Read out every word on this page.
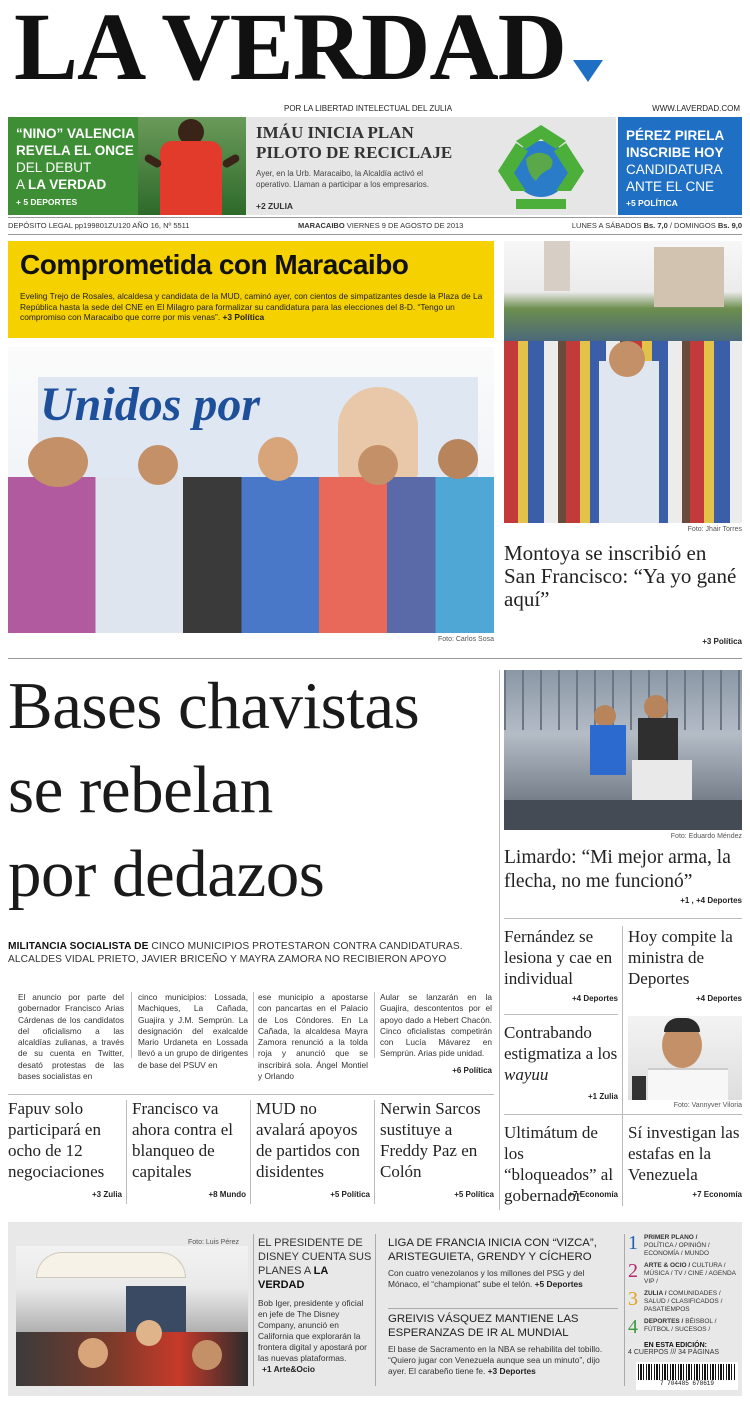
LA VERDAD
POR LA LIBERTAD INTELECTUAL DEL ZULIA	WWW.LAVERDAD.COM
“NINO” VALENCIA
REVELA EL ONCE
DEL DEBUT
A LA VERDAD
+ 5 DEPORTES
IMÁU INICIA PLAN
PILOTO DE RECICLAJE
Ayer, en la Urb. Maracaibo, la Alcaldía activó el operativo. Llaman a participar a los empresarios.
+2 ZULIA
PÉREZ PIRELA
INSCRIBE HOY
CANDIDATURA
ANTE EL CNE
+5 POLÍTICA
DEPÓSITO LEGAL pp199801ZU120 AÑO 16, Nº 5511	MARACAIBO VIERNES 9 DE AGOSTO DE 2013	LUNES A SÁBADOS Bs. 7,0 / DOMINGOS Bs. 9,0
Comprometida con Maracaibo
Eveling Trejo de Rosales, alcaldesa y candidata de la MUD, caminó ayer, con cientos de simpatizantes desde la Plaza de La República hasta la sede del CNE en El Milagro para formalizar su candidatura para las elecciones del 8-D. “Tengo un compromiso con Maracaibo que corre por mis venas”. +3 Política
Unidos por
Foto: Carlos Sosa
Foto: Jhair Torres
Montoya se inscribió en San Francisco: “Ya yo gané aquí”
+3 Política
Bases chavistas
se rebelan
por dedazos
MILITANCIA SOCIALISTA DE CINCO MUNICIPIOS PROTESTARON CONTRA CANDIDATURAS. ALCALDES VIDAL PRIETO, JAVIER BRICEÑO Y MAYRA ZAMORA NO RECIBIERON APOYO
El anuncio por parte del gobernador Francisco Arias Cárdenas de los candidatos del oficialismo a las alcaldías zulianas, a través de su cuenta en Twitter, desató protestas de las bases socialistas en
cinco municipios: Lossada, Machiques, La Cañada, Guajira y J.M. Semprún. La designación del exalcalde Mario Urdaneta en Lossada llevó a un grupo de dirigentes de base del PSUV en
ese municipio a apostarse con pancartas en el Palacio de Los Cóndores. En La Cañada, la alcaldesa Mayra Zamora renunció a la tolda roja y anunció que se inscribirá sola. Ángel Montiel y Orlando
Aular se lanzarán en la Guajira, descontentos por el apoyo dado a Hebert Chacón. Cinco oficialistas competirán con Lucía Mávarez en Semprún. Arias pide unidad.
+6 Política
Foto: Eduardo Méndez
Limardo: “Mi mejor arma, la flecha, no me funcionó”
+1 , +4 Deportes
Fapuv solo participará en ocho de 12 negociaciones
+3 Zulia
Francisco va ahora contra el blanqueo de capitales
+8 Mundo
MUD no avalará apoyos de partidos con disidentes
+5 Política
Nerwin Sarcos sustituye a Freddy Paz en Colón
+5 Política
Fernández se lesiona y cae en individual
+4 Deportes
Hoy compite la ministra de Deportes
+4 Deportes
Contrabando estigmatiza a los wayuu
+1 Zulia
Foto: Vannyver Viloria
Ultimátum de los “bloqueados” al gobernador
+7 Economía
Sí investigan las estafas en la Venezuela
+7 Economía
Foto: Luis Pérez EL PRESIDENTE DE DISNEY CUENTA SUS PLANES A LA VERDAD
Bob Iger, presidente y oficial en jefe de The Disney Company, anunció en California que explorarán la frontera digital y apostará por las nuevas plataformas.
+1 Arte&Ocio
LIGA DE FRANCIA INICIA CON “VIZCA”, ARISTEGUIETA, GRENDY Y CÍCHERO
Con cuatro venezolanos y los millones del PSG y del Mónaco, el “championat” sube el telón. +5 Deportes
GREIVIS VÁSQUEZ MANTIENE LAS ESPERANZAS DE IR AL MUNDIAL
El base de Sacramento en la NBA se rehabilita del tobillo. “Quiero jugar con Venezuela aunque sea un minuto”, dijo ayer. El carabeño tiene fe. +3 Deportes
1 PRIMER PLANO /
POLÍTICA / OPINIÓN / ECONOMÍA / MUNDO
2 ARTE & OCIO / CULTURA / MÚSICA / TV / CINE / AGENDA VIP /
3 ZULIA / COMUNIDADES / SALUD / CLASIFICADOS / PASATIEMPOS
4 DEPORTES / BÉISBOL / FÚTBOL / SUCESOS /
EN ESTA EDICIÓN:
4 CUERPOS /// 34 PÁGINAS
7 704485 678619
